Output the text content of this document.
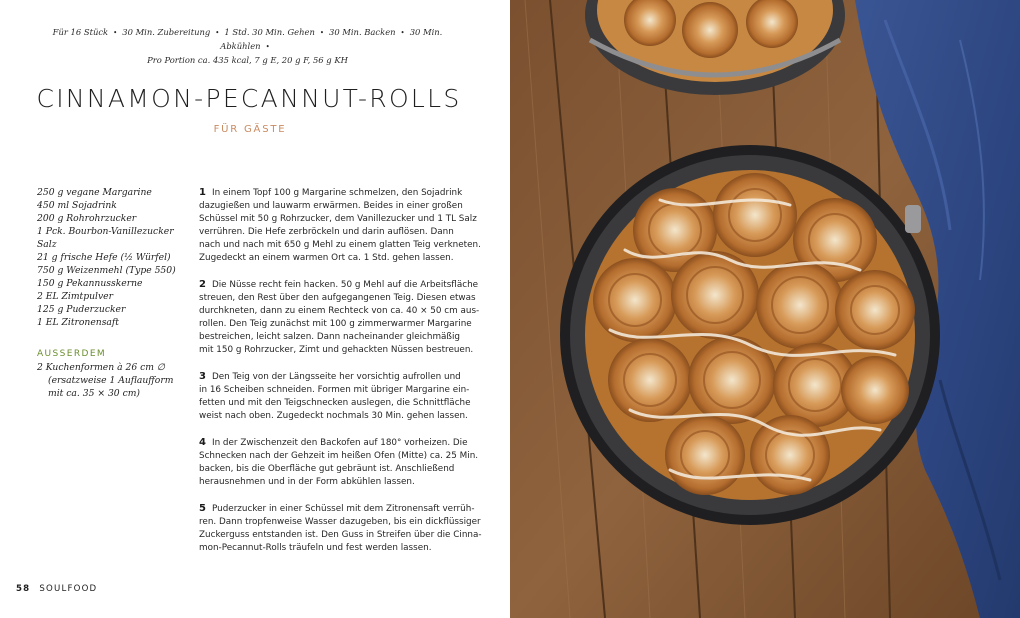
Für 16 Stück • 30 Min. Zubereitung • 1 Std. 30 Min. Gehen • 30 Min. Backen • 30 Min. Abkühlen •
Pro Portion ca. 435 kcal, 7 g E, 20 g F, 56 g KH
CINNAMON-PECANNUT-ROLLS
FÜR GÄSTE
250 g vegane Margarine
450 ml Sojadrink
200 g Rohrohrzucker
1 Pck. Bourbon-Vanillezucker
Salz
21 g frische Hefe (½ Würfel)
750 g Weizenmehl (Type 550)
150 g Pekannusskerne
2 EL Zimtpulver
125 g Puderzucker
1 EL Zitronensaft
AUSSERDEM
2 Kuchenformen à 26 cm ∅ (ersatzweise 1 Auflaufform mit ca. 35 × 30 cm)
1 In einem Topf 100 g Margarine schmelzen, den Sojadrink
dazugießen und lauwarm erwärmen. Beides in einer großen
Schüssel mit 50 g Rohrzucker, dem Vanillezucker und 1 TL Salz
verrühren. Die Hefe zerbröckeln und darin auflösen. Dann
nach und nach mit 650 g Mehl zu einem glatten Teig verkneten.
Zugedeckt an einem warmen Ort ca. 1 Std. gehen lassen.
2 Die Nüsse recht fein hacken. 50 g Mehl auf die Arbeitsfläche
streuen, den Rest über den aufgegangenen Teig. Diesen etwas
durchkneten, dann zu einem Rechteck von ca. 40 × 50 cm aus-
rollen. Den Teig zunächst mit 100 g zimmerwarmer Margarine
bestreichen, leicht salzen. Dann nacheinander gleichmäßig
mit 150 g Rohrzucker, Zimt und gehackten Nüssen bestreuen.
3 Den Teig von der Längsseite her vorsichtig aufrollen und
in 16 Scheiben schneiden. Formen mit übriger Margarine ein-
fetten und mit den Teigschnecken auslegen, die Schnittfläche
weist nach oben. Zugedeckt nochmals 30 Min. gehen lassen.
4 In der Zwischenzeit den Backofen auf 180° vorheizen. Die
Schnecken nach der Gehzeit im heißen Ofen (Mitte) ca. 25 Min.
backen, bis die Oberfläche gut gebräunt ist. Anschließend
herausnehmen und in der Form abkühlen lassen.
5 Puderzucker in einer Schüssel mit dem Zitronensaft verrüh-
ren. Dann tropfenweise Wasser dazugeben, bis ein dickflüssiger
Zuckerguss entstanden ist. Den Guss in Streifen über die Cinna-
mon-Pecannut-Rolls träufeln und fest werden lassen.
58 SOULFOOD
